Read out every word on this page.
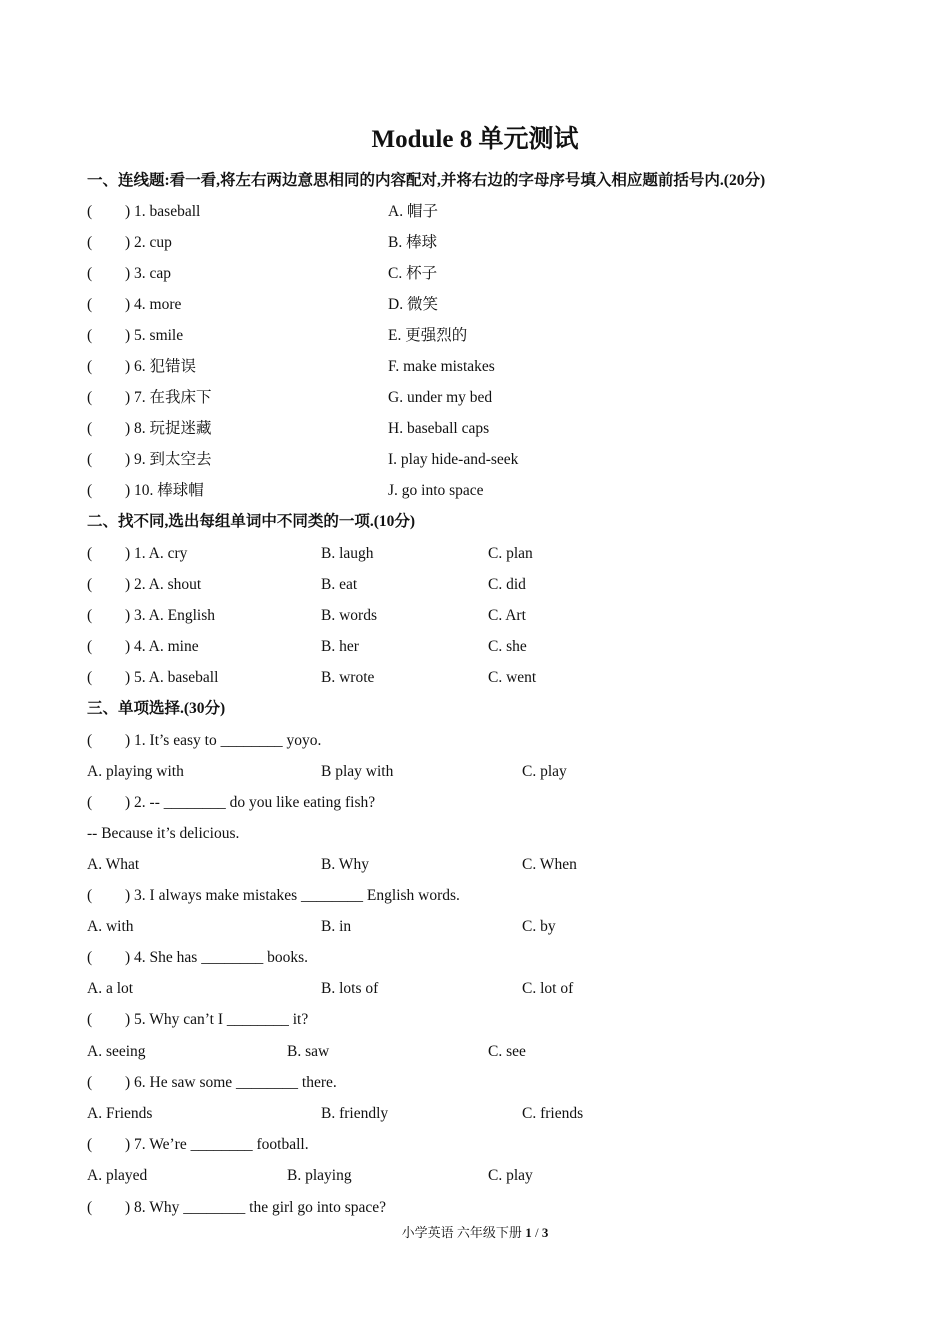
Module 8 单元测试
一、连线题:看一看,将左右两边意思相同的内容配对,并将右边的字母序号填入相应题前括号内.(20分)
( ) 1. baseball	A. 帽子
( ) 2. cup	B. 棒球
( ) 3. cap	C. 杯子
( ) 4. more	D. 微笑
( ) 5. smile	E. 更强烈的
( ) 6. 犯错误	F. make mistakes
( ) 7. 在我床下	G. under my bed
( ) 8. 玩捉迷藏	H. baseball caps
( ) 9. 到太空去	I. play hide-and-seek
( ) 10. 棒球帽	J. go into space
二、找不同,选出每组单词中不同类的一项.(10分)
( ) 1. A. cry	B. laugh	C. plan
( ) 2. A. shout	B. eat	C. did
( ) 3. A. English	B. words	C. Art
( ) 4. A. mine	B. her	C. she
( ) 5. A. baseball	B. wrote	C. went
三、单项选择.(30分)
( ) 1. It’s easy to ________ yoyo.
A. playing with	B play with	C. play
( ) 2. -- ________ do you like eating fish?
-- Because it’s delicious.
A. What	B. Why	C. When
( ) 3. I always make mistakes ________ English words.
A. with	B. in	C. by
( ) 4. She has ________ books.
A. a lot	B. lots of	C. lot of
( ) 5. Why can’t I ________ it?
A. seeing	B. saw	C. see
( ) 6. He saw some ________ there.
A. Friends	B. friendly	C. friends
( ) 7. We’re ________ football.
A. played	B. playing	C. play
( ) 8. Why ________ the girl go into space?
小学英语 六年级下册 1 / 3
